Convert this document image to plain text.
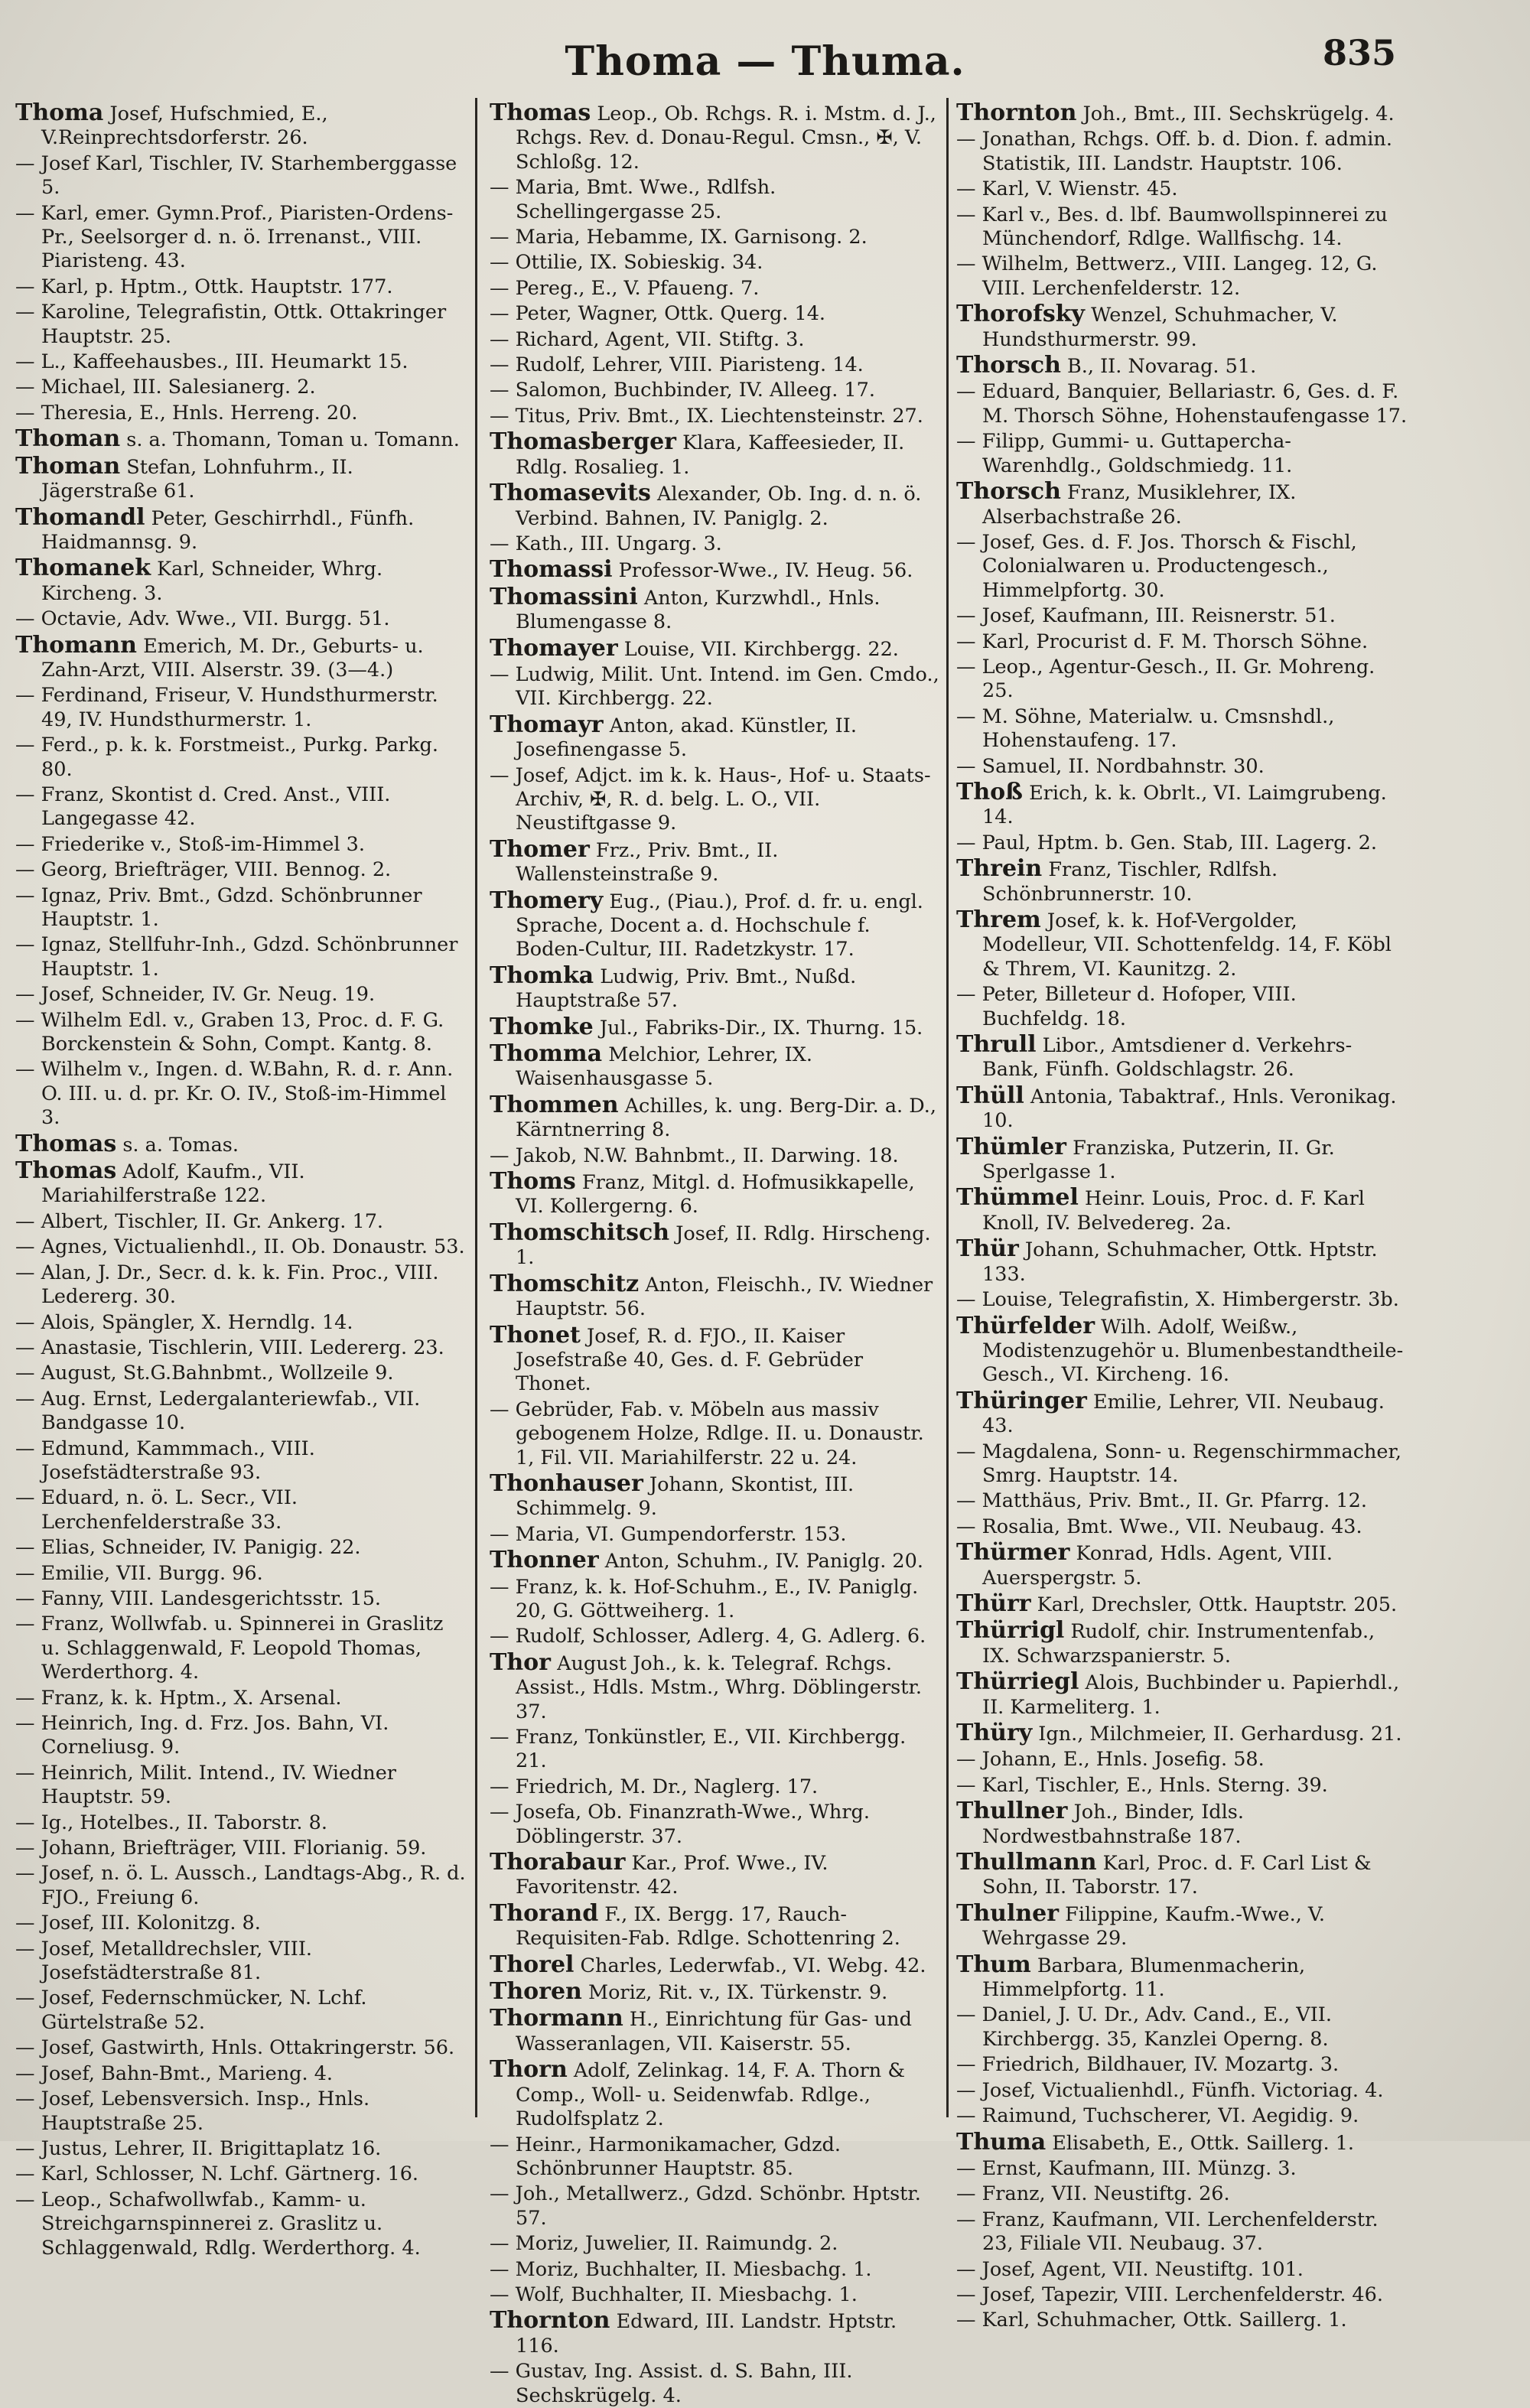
Thoma — Thuma.	835
Thoma Josef, Hufschmied, E., V.Reinprechtsdorferstr. 26.
— Josef Karl, Tischler, IV. Starhemberggasse 5.
— Karl, emer. Gymn.Prof., Piaristen-Ordens-Pr., Seelsorger d. n. ö. Irrenanst., VIII. Piaristeng. 43.
— Karl, p. Hptm., Ottk. Hauptstr. 177.
— Karoline, Telegrafistin, Ottk. Ottakringer Hauptstr. 25.
— L., Kaffeehausbes., III. Heumarkt 15.
— Michael, III. Salesianerg. 2.
— Theresia, E., Hnls. Herreng. 20.
Thoman s. a. Thomann, Toman u. Tomann.
Thoman Stefan, Lohnfuhrm., II. Jägerstraße 61.
Thomandl Peter, Geschirrhdl., Fünfh. Haidmannsg. 9.
Thomanek Karl, Schneider, Whrg. Kircheng. 3.
— Octavie, Adv. Wwe., VII. Burgg. 51.
Thomann Emerich, M. Dr., Geburts- u. Zahn-Arzt, VIII. Alserstr. 39. (3—4.)
— Ferdinand, Friseur, V. Hundsthurmerstr. 49, IV. Hundsthurmerstr. 1.
— Ferd., p. k. k. Forstmeist., Purkg. Parkg. 80.
— Franz, Skontist d. Cred. Anst., VIII. Langegasse 42.
— Friederike v., Stoß-im-Himmel 3.
— Georg, Briefträger, VIII. Bennog. 2.
— Ignaz, Priv. Bmt., Gdzd. Schönbrunner Hauptstr. 1.
— Ignaz, Stellfuhr-Inh., Gdzd. Schönbrunner Hauptstr. 1.
— Josef, Schneider, IV. Gr. Neug. 19.
— Wilhelm Edl. v., Graben 13, Proc. d. F. G. Borckenstein & Sohn, Compt. Kantg. 8.
— Wilhelm v., Ingen. d. W.Bahn, R. d. r. Ann. O. III. u. d. pr. Kr. O. IV., Stoß-im-Himmel 3.
Thomas s. a. Tomas.
Thomas Adolf, Kaufm., VII. Mariahilferstraße 122.
— Albert, Tischler, II. Gr. Ankerg. 17.
— Agnes, Victualienhdl., II. Ob. Donaustr. 53.
— Alan, J. Dr., Secr. d. k. k. Fin. Proc., VIII. Ledererg. 30.
— Alois, Spängler, X. Herndlg. 14.
— Anastasie, Tischlerin, VIII. Ledererg. 23.
— August, St.G.Bahnbmt., Wollzeile 9.
— Aug. Ernst, Ledergalanteriewfab., VII. Bandgasse 10.
— Edmund, Kammmach., VIII. Josefstädterstraße 93.
— Eduard, n. ö. L. Secr., VII. Lerchenfelderstraße 33.
— Elias, Schneider, IV. Panigig. 22.
— Emilie, VII. Burgg. 96.
— Fanny, VIII. Landesgerichtsstr. 15.
— Franz, Wollwfab. u. Spinnerei in Graslitz u. Schlaggenwald, F. Leopold Thomas, Werderthorg. 4.
— Franz, k. k. Hptm., X. Arsenal.
— Heinrich, Ing. d. Frz. Jos. Bahn, VI. Corneliusg. 9.
— Heinrich, Milit. Intend., IV. Wiedner Hauptstr. 59.
— Ig., Hotelbes., II. Taborstr. 8.
— Johann, Briefträger, VIII. Florianig. 59.
— Josef, n. ö. L. Aussch., Landtags-Abg., R. d. FJO., Freiung 6.
— Josef, III. Kolonitzg. 8.
— Josef, Metalldrechsler, VIII. Josefstädterstraße 81.
— Josef, Federnschmücker, N. Lchf. Gürtelstraße 52.
— Josef, Gastwirth, Hnls. Ottakringerstr. 56.
— Josef, Bahn-Bmt., Marieng. 4.
— Josef, Lebensversich. Insp., Hnls. Hauptstraße 25.
— Justus, Lehrer, II. Brigittaplatz 16.
— Karl, Schlosser, N. Lchf. Gärtnerg. 16.
— Leop., Schafwollwfab., Kamm- u. Streichgarnspinnerei z. Graslitz u. Schlaggenwald, Rdlg. Werderthorg. 4.
Thomas Leop., Ob. Rchgs. R. i. Mstm. d. J., Rchgs. Rev. d. Donau-Regul. Cmsn., ✠, V. Schloßg. 12.
— Maria, Bmt. Wwe., Rdlfsh. Schellingergasse 25.
— Maria, Hebamme, IX. Garnisong. 2.
— Ottilie, IX. Sobieskig. 34.
— Pereg., E., V. Pfaueng. 7.
— Peter, Wagner, Ottk. Querg. 14.
— Richard, Agent, VII. Stiftg. 3.
— Rudolf, Lehrer, VIII. Piaristeng. 14.
— Salomon, Buchbinder, IV. Alleeg. 17.
— Titus, Priv. Bmt., IX. Liechtensteinstr. 27.
Thomasberger Klara, Kaffeesieder, II. Rdlg. Rosalieg. 1.
Thomasevits Alexander, Ob. Ing. d. n. ö. Verbind. Bahnen, IV. Paniglg. 2.
— Kath., III. Ungarg. 3.
Thomassi Professor-Wwe., IV. Heug. 56.
Thomassini Anton, Kurzwhdl., Hnls. Blumengasse 8.
Thomayer Louise, VII. Kirchbergg. 22.
— Ludwig, Milit. Unt. Intend. im Gen. Cmdo., VII. Kirchbergg. 22.
Thomayr Anton, akad. Künstler, II. Josefinengasse 5.
— Josef, Adjct. im k. k. Haus-, Hof- u. Staats-Archiv, ✠, R. d. belg. L. O., VII. Neustiftgasse 9.
Thomer Frz., Priv. Bmt., II. Wallensteinstraße 9.
Thomery Eug., (Piau.), Prof. d. fr. u. engl. Sprache, Docent a. d. Hochschule f. Boden-Cultur, III. Radetzkystr. 17.
Thomka Ludwig, Priv. Bmt., Nußd. Hauptstraße 57.
Thomke Jul., Fabriks-Dir., IX. Thurng. 15.
Thomma Melchior, Lehrer, IX. Waisenhausgasse 5.
Thommen Achilles, k. ung. Berg-Dir. a. D., Kärntnerring 8.
— Jakob, N.W. Bahnbmt., II. Darwing. 18.
Thoms Franz, Mitgl. d. Hofmusikkapelle, VI. Kollergerng. 6.
Thomschitsch Josef, II. Rdlg. Hirscheng. 1.
Thomschitz Anton, Fleischh., IV. Wiedner Hauptstr. 56.
Thonet Josef, R. d. FJO., II. Kaiser Josefstraße 40, Ges. d. F. Gebrüder Thonet.
— Gebrüder, Fab. v. Möbeln aus massiv gebogenem Holze, Rdlge. II. u. Donaustr. 1, Fil. VII. Mariahilferstr. 22 u. 24.
Thonhauser Johann, Skontist, III. Schimmelg. 9.
— Maria, VI. Gumpendorferstr. 153.
Thonner Anton, Schuhm., IV. Paniglg. 20.
— Franz, k. k. Hof-Schuhm., E., IV. Paniglg. 20, G. Göttweiherg. 1.
— Rudolf, Schlosser, Adlerg. 4, G. Adlerg. 6.
Thor August Joh., k. k. Telegraf. Rchgs. Assist., Hdls. Mstm., Whrg. Döblingerstr. 37.
— Franz, Tonkünstler, E., VII. Kirchbergg. 21.
— Friedrich, M. Dr., Naglerg. 17.
— Josefa, Ob. Finanzrath-Wwe., Whrg. Döblingerstr. 37.
Thorabaur Kar., Prof. Wwe., IV. Favoritenstr. 42.
Thorand F., IX. Bergg. 17, Rauch-Requisiten-Fab. Rdlge. Schottenring 2.
Thorel Charles, Lederwfab., VI. Webg. 42.
Thoren Moriz, Rit. v., IX. Türkenstr. 9.
Thormann H., Einrichtung für Gas- und Wasseranlagen, VII. Kaiserstr. 55.
Thorn Adolf, Zelinkag. 14, F. A. Thorn & Comp., Woll- u. Seidenwfab. Rdlge., Rudolfsplatz 2.
— Heinr., Harmonikamacher, Gdzd. Schönbrunner Hauptstr. 85.
— Joh., Metallwerz., Gdzd. Schönbr. Hptstr. 57.
— Moriz, Juwelier, II. Raimundg. 2.
— Moriz, Buchhalter, II. Miesbachg. 1.
— Wolf, Buchhalter, II. Miesbachg. 1.
Thornton Edward, III. Landstr. Hptstr. 116.
— Gustav, Ing. Assist. d. S. Bahn, III. Sechskrügelg. 4.
Thornton Joh., Bmt., III. Sechskrügelg. 4.
— Jonathan, Rchgs. Off. b. d. Dion. f. admin. Statistik, III. Landstr. Hauptstr. 106.
— Karl, V. Wienstr. 45.
— Karl v., Bes. d. lbf. Baumwollspinnerei zu Münchendorf, Rdlge. Wallfischg. 14.
— Wilhelm, Bettwerz., VIII. Langeg. 12, G. VIII. Lerchenfelderstr. 12.
Thorofsky Wenzel, Schuhmacher, V. Hundsthurmerstr. 99.
Thorsch B., II. Novarag. 51.
— Eduard, Banquier, Bellariastr. 6, Ges. d. F. M. Thorsch Söhne, Hohenstaufengasse 17.
— Filipp, Gummi- u. Guttapercha-Warenhdlg., Goldschmiedg. 11.
Thorsch Franz, Musiklehrer, IX. Alserbachstraße 26.
— Josef, Ges. d. F. Jos. Thorsch & Fischl, Colonialwaren u. Productengesch., Himmelpfortg. 30.
— Josef, Kaufmann, III. Reisnerstr. 51.
— Karl, Procurist d. F. M. Thorsch Söhne.
— Leop., Agentur-Gesch., II. Gr. Mohreng. 25.
— M. Söhne, Materialw. u. Cmsnshdl., Hohenstaufeng. 17.
— Samuel, II. Nordbahnstr. 30.
Thoß Erich, k. k. Obrlt., VI. Laimgrubeng. 14.
— Paul, Hptm. b. Gen. Stab, III. Lagerg. 2.
Threin Franz, Tischler, Rdlfsh. Schönbrunnerstr. 10.
Threm Josef, k. k. Hof-Vergolder, Modelleur, VII. Schottenfeldg. 14, F. Köbl & Threm, VI. Kaunitzg. 2.
— Peter, Billeteur d. Hofoper, VIII. Buchfeldg. 18.
Thrull Libor., Amtsdiener d. Verkehrs-Bank, Fünfh. Goldschlagstr. 26.
Thüll Antonia, Tabaktraf., Hnls. Veronikag. 10.
Thümler Franziska, Putzerin, II. Gr. Sperlgasse 1.
Thümmel Heinr. Louis, Proc. d. F. Karl Knoll, IV. Belvedereg. 2a.
Thür Johann, Schuhmacher, Ottk. Hptstr. 133.
— Louise, Telegrafistin, X. Himbergerstr. 3b.
Thürfelder Wilh. Adolf, Weißw., Modistenzugehör u. Blumenbestandtheile-Gesch., VI. Kircheng. 16.
Thüringer Emilie, Lehrer, VII. Neubaug. 43.
— Magdalena, Sonn- u. Regenschirmmacher, Smrg. Hauptstr. 14.
— Matthäus, Priv. Bmt., II. Gr. Pfarrg. 12.
— Rosalia, Bmt. Wwe., VII. Neubaug. 43.
Thürmer Konrad, Hdls. Agent, VIII. Auerspergstr. 5.
Thürr Karl, Drechsler, Ottk. Hauptstr. 205.
Thürrigl Rudolf, chir. Instrumentenfab., IX. Schwarzspanierstr. 5.
Thürriegl Alois, Buchbinder u. Papierhdl., II. Karmeliterg. 1.
Thüry Ign., Milchmeier, II. Gerhardusg. 21.
— Johann, E., Hnls. Josefig. 58.
— Karl, Tischler, E., Hnls. Sterng. 39.
Thullner Joh., Binder, Idls. Nordwestbahnstraße 187.
Thullmann Karl, Proc. d. F. Carl List & Sohn, II. Taborstr. 17.
Thulner Filippine, Kaufm.-Wwe., V. Wehrgasse 29.
Thum Barbara, Blumenmacherin, Himmelpfortg. 11.
— Daniel, J. U. Dr., Adv. Cand., E., VII. Kirchbergg. 35, Kanzlei Operng. 8.
— Friedrich, Bildhauer, IV. Mozartg. 3.
— Josef, Victualienhdl., Fünfh. Victoriag. 4.
— Raimund, Tuchscherer, VI. Aegidig. 9.
Thuma Elisabeth, E., Ottk. Saillerg. 1.
— Ernst, Kaufmann, III. Münzg. 3.
— Franz, VII. Neustiftg. 26.
— Franz, Kaufmann, VII. Lerchenfelderstr. 23, Filiale VII. Neubaug. 37.
— Josef, Agent, VII. Neustiftg. 101.
— Josef, Tapezir, VIII. Lerchenfelderstr. 46.
— Karl, Schuhmacher, Ottk. Saillerg. 1.
